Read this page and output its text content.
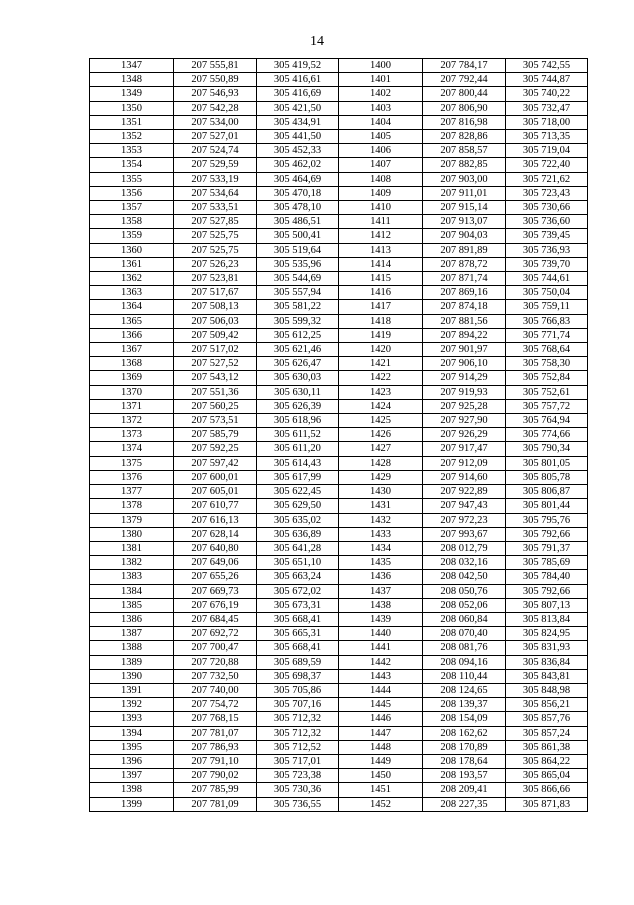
14
1347	207 555,81	305 419,52	1400	207 784,17	305 742,55
1348	207 550,89	305 416,61	1401	207 792,44	305 744,87
1349	207 546,93	305 416,69	1402	207 800,44	305 740,22
1350	207 542,28	305 421,50	1403	207 806,90	305 732,47
1351	207 534,00	305 434,91	1404	207 816,98	305 718,00
1352	207 527,01	305 441,50	1405	207 828,86	305 713,35
1353	207 524,74	305 452,33	1406	207 858,57	305 719,04
1354	207 529,59	305 462,02	1407	207 882,85	305 722,40
1355	207 533,19	305 464,69	1408	207 903,00	305 721,62
1356	207 534,64	305 470,18	1409	207 911,01	305 723,43
1357	207 533,51	305 478,10	1410	207 915,14	305 730,66
1358	207 527,85	305 486,51	1411	207 913,07	305 736,60
1359	207 525,75	305 500,41	1412	207 904,03	305 739,45
1360	207 525,75	305 519,64	1413	207 891,89	305 736,93
1361	207 526,23	305 535,96	1414	207 878,72	305 739,70
1362	207 523,81	305 544,69	1415	207 871,74	305 744,61
1363	207 517,67	305 557,94	1416	207 869,16	305 750,04
1364	207 508,13	305 581,22	1417	207 874,18	305 759,11
1365	207 506,03	305 599,32	1418	207 881,56	305 766,83
1366	207 509,42	305 612,25	1419	207 894,22	305 771,74
1367	207 517,02	305 621,46	1420	207 901,97	305 768,64
1368	207 527,52	305 626,47	1421	207 906,10	305 758,30
1369	207 543,12	305 630,03	1422	207 914,29	305 752,84
1370	207 551,36	305 630,11	1423	207 919,93	305 752,61
1371	207 560,25	305 626,39	1424	207 925,28	305 757,72
1372	207 573,51	305 618,96	1425	207 927,90	305 764,94
1373	207 585,79	305 611,52	1426	207 926,29	305 774,66
1374	207 592,25	305 611,20	1427	207 917,47	305 790,34
1375	207 597,42	305 614,43	1428	207 912,09	305 801,05
1376	207 600,01	305 617,99	1429	207 914,60	305 805,78
1377	207 605,01	305 622,45	1430	207 922,89	305 806,87
1378	207 610,77	305 629,50	1431	207 947,43	305 801,44
1379	207 616,13	305 635,02	1432	207 972,23	305 795,76
1380	207 628,14	305 636,89	1433	207 993,67	305 792,66
1381	207 640,80	305 641,28	1434	208 012,79	305 791,37
1382	207 649,06	305 651,10	1435	208 032,16	305 785,69
1383	207 655,26	305 663,24	1436	208 042,50	305 784,40
1384	207 669,73	305 672,02	1437	208 050,76	305 792,66
1385	207 676,19	305 673,31	1438	208 052,06	305 807,13
1386	207 684,45	305 668,41	1439	208 060,84	305 813,84
1387	207 692,72	305 665,31	1440	208 070,40	305 824,95
1388	207 700,47	305 668,41	1441	208 081,76	305 831,93
1389	207 720,88	305 689,59	1442	208 094,16	305 836,84
1390	207 732,50	305 698,37	1443	208 110,44	305 843,81
1391	207 740,00	305 705,86	1444	208 124,65	305 848,98
1392	207 754,72	305 707,16	1445	208 139,37	305 856,21
1393	207 768,15	305 712,32	1446	208 154,09	305 857,76
1394	207 781,07	305 712,32	1447	208 162,62	305 857,24
1395	207 786,93	305 712,52	1448	208 170,89	305 861,38
1396	207 791,10	305 717,01	1449	208 178,64	305 864,22
1397	207 790,02	305 723,38	1450	208 193,57	305 865,04
1398	207 785,99	305 730,36	1451	208 209,41	305 866,66
1399	207 781,09	305 736,55	1452	208 227,35	305 871,83
